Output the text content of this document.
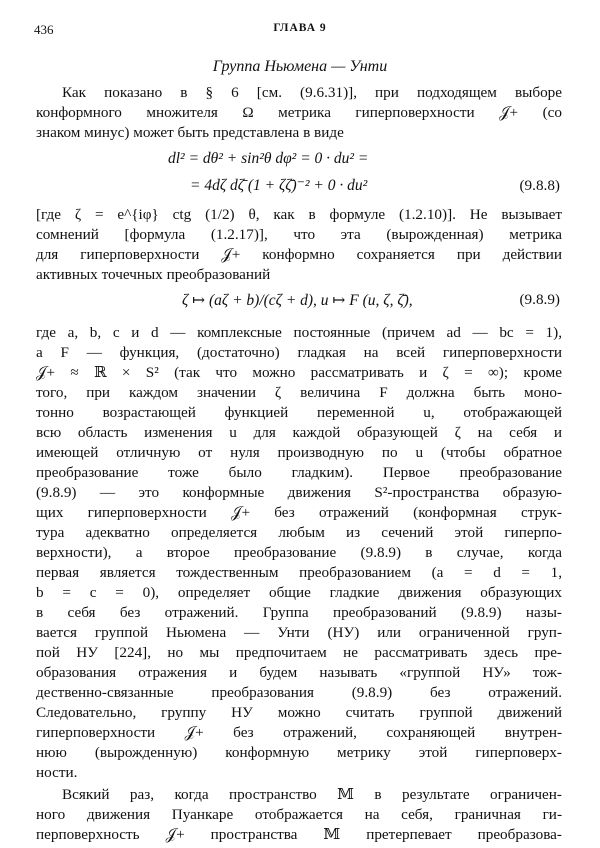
436	ГЛАВА 9
Группа Ньюмена — Унти
Как показано в § 6 [см. (9.6.31)], при подходящем выборе
конформного множителя Ω метрика гиперповерхности 𝒥+ (со
знаком минус) может быть представлена в виде
dl² = dθ² + sin²θ dφ² = 0 · du² =
= 4dζ dζ̄ (1 + ζζ̄)⁻² + 0 · du²	(9.8.8)
[где ζ = e^{iφ} ctg (1/2) θ, как в формуле (1.2.10)]. Не вызывает
сомнений [формула (1.2.17)], что эта (вырожденная) метрика
для гиперповерхности 𝒥+ конформно сохраняется при действии
активных точечных преобразований
ζ ↦ (aζ + b)/(cζ + d), u ↦ F (u, ζ, ζ̄),	(9.8.9)
где a, b, c и d — комплексные постоянные (причем ad — bc = 1),
а F — функция, (достаточно) гладкая на всей гиперповерхности
𝒥+ ≈ ℝ × S² (так что можно рассматривать и ζ = ∞); кроме
того, при каждом значении ζ величина F должна быть моно-
тонно возрастающей функцией переменной u, отображающей
всю область изменения u для каждой образующей ζ на себя и
имеющей отличную от нуля производную по u (чтобы обратное
преобразование тоже было гладким). Первое преобразование
(9.8.9) — это конформные движения S²-пространства образую-
щих гиперповерхности 𝒥+ без отражений (конформная струк-
тура адекватно определяется любым из сечений этой гиперпо-
верхности), а второе преобразование (9.8.9) в случае, когда
первая является тождественным преобразованием (a = d = 1,
b = c = 0), определяет общие гладкие движения образующих
в себя без отражений. Группа преобразований (9.8.9) назы-
вается группой Ньюмена — Унти (НУ) или ограниченной груп-
пой НУ [224], но мы предпочитаем не рассматривать здесь пре-
образования отражения и будем называть «группой НУ» тож-
дественно-связанные преобразования (9.8.9) без отражений.
Следовательно, группу НУ можно считать группой движений
гиперповерхности 𝒥+ без отражений, сохраняющей внутрен-
нюю (вырожденную) конформную метрику этой гиперповерх-
ности.
Всякий раз, когда пространство 𝕄 в результате ограничен-
ного движения Пуанкаре отображается на себя, граничная ги-
перповерхность 𝒥+ пространства 𝕄 претерпевает преобразова-
